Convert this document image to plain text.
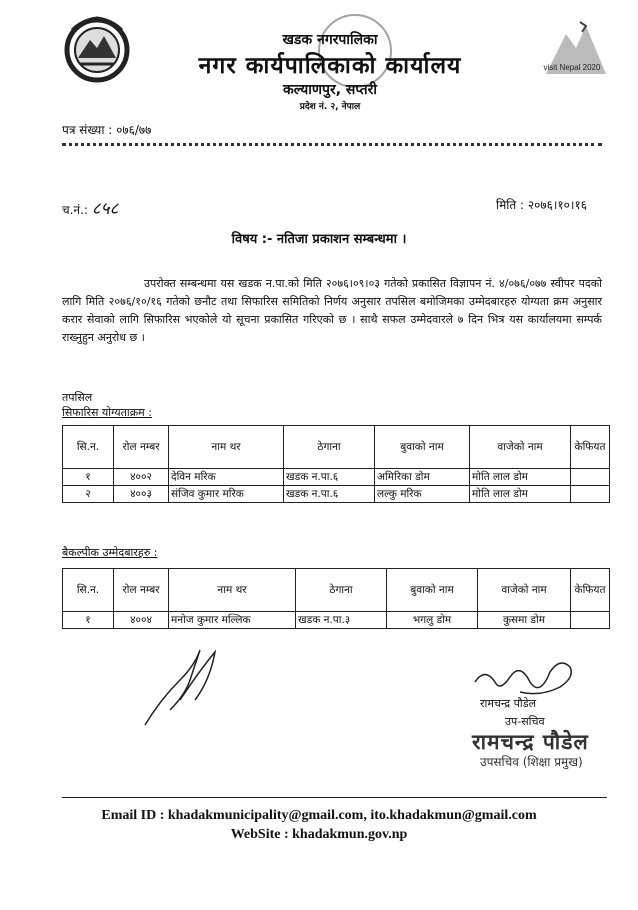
खडक नगरपालिका
नगर कार्यपालिकाको कार्यालय
कल्याणपुर, सप्तरी
प्रदेश नं. २, नेपाल
visit Nepal 2020
पत्र संख्या : ०७६/७७
च.नं.: ८५८	मिति : २०७६।१०।१६
विषय :- नतिजा प्रकाशन सम्बन्धमा ।
उपरोक्त सम्बन्धमा यस खडक न.पा.को मिति २०७६।०९।०३ गतेको प्रकासित विज्ञापन नं. ४/०७६/०७७ स्वीपर पदको लागि मिति २०७६/१०/१६ गतेको छनौट तथा सिफारिस समितिको निर्णय अनुसार तपसिल बमोजिमका उम्मेदबारहरु योग्यता क्रम अनुसार करार सेवाको लागि सिफारिस भएकोले यो सूचना प्रकासित गरिएको छ । साथै सफल उम्मेदवारले ७ दिन भित्र यस कार्यालयमा सम्पर्क राख्नुहुन अनुरोध छ ।
तपसिल
सिफारिस योग्यताक्रम :
सि.न.	रोल नम्बर	नाम थर	ठेगाना	बुवाको नाम	वाजेको नाम	केफियत
१	४००२	देविन मरिक	खडक न.पा.६	अमिरिका डोम	मोति लाल डोम	
२	४००३	संजिव कुमार मरिक	खडक न.पा.६	लल्कु मरिक	मोति लाल डोम	
बैकल्पीक उम्मेदबारहरु :
सि.न.	रोल नम्बर	नाम थर	ठेगाना	बुवाको नाम	वाजेको नाम	केफियत
१	४००४	मनोज कुमार मल्लिक	खडक न.पा.३	भगलु डोम	कुसमा डोम	
रामचन्द्र पौडेल
उप-सचिव
रामचन्द्र पौडेल
उपसचिव (शिक्षा प्रमुख)
Email ID : khadakmunicipality@gmail.com, ito.khadakmun@gmail.com
WebSite : khadakmun.gov.np
